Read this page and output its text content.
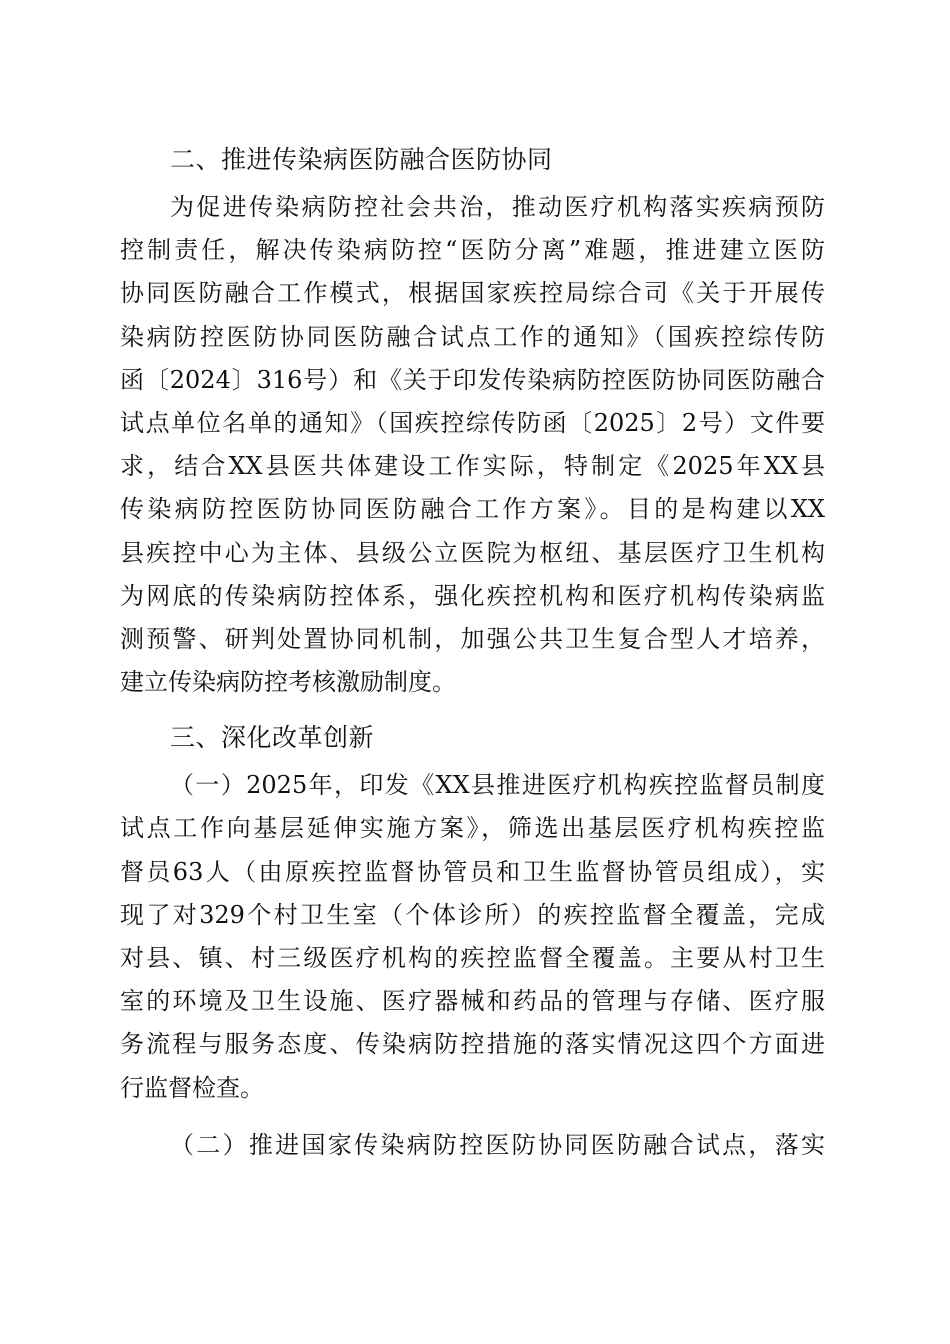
二、推进传染病医防融合医防协同
为促进传染病防控社会共治，推动医疗机构落实疾病预防
控制责任，解决传染病防控“医防分离”难题，推进建立医防
协同医防融合工作模式，根据国家疾控局综合司《关于开展传
染病防控医防协同医防融合试点工作的通知》（国疾控综传防
函〔2024〕316号）和《关于印发传染病防控医防协同医防融合
试点单位名单的通知》（国疾控综传防函〔2025〕2号）文件要
求，结合XX县医共体建设工作实际，特制定《2025年XX县
传染病防控医防协同医防融合工作方案》。目的是构建以XX
县疾控中心为主体、县级公立医院为枢纽、基层医疗卫生机构
为网底的传染病防控体系，强化疾控机构和医疗机构传染病监
测预警、研判处置协同机制，加强公共卫生复合型人才培养，
建立传染病防控考核激励制度。
三、深化改革创新
（一）2025年，印发《XX县推进医疗机构疾控监督员制度
试点工作向基层延伸实施方案》，筛选出基层医疗机构疾控监
督员63人（由原疾控监督协管员和卫生监督协管员组成），实
现了对329个村卫生室（个体诊所）的疾控监督全覆盖，完成
对县、镇、村三级医疗机构的疾控监督全覆盖。主要从村卫生
室的环境及卫生设施、医疗器械和药品的管理与存储、医疗服
务流程与服务态度、传染病防控措施的落实情况这四个方面进
行监督检查。
（二）推进国家传染病防控医防协同医防融合试点，落实
